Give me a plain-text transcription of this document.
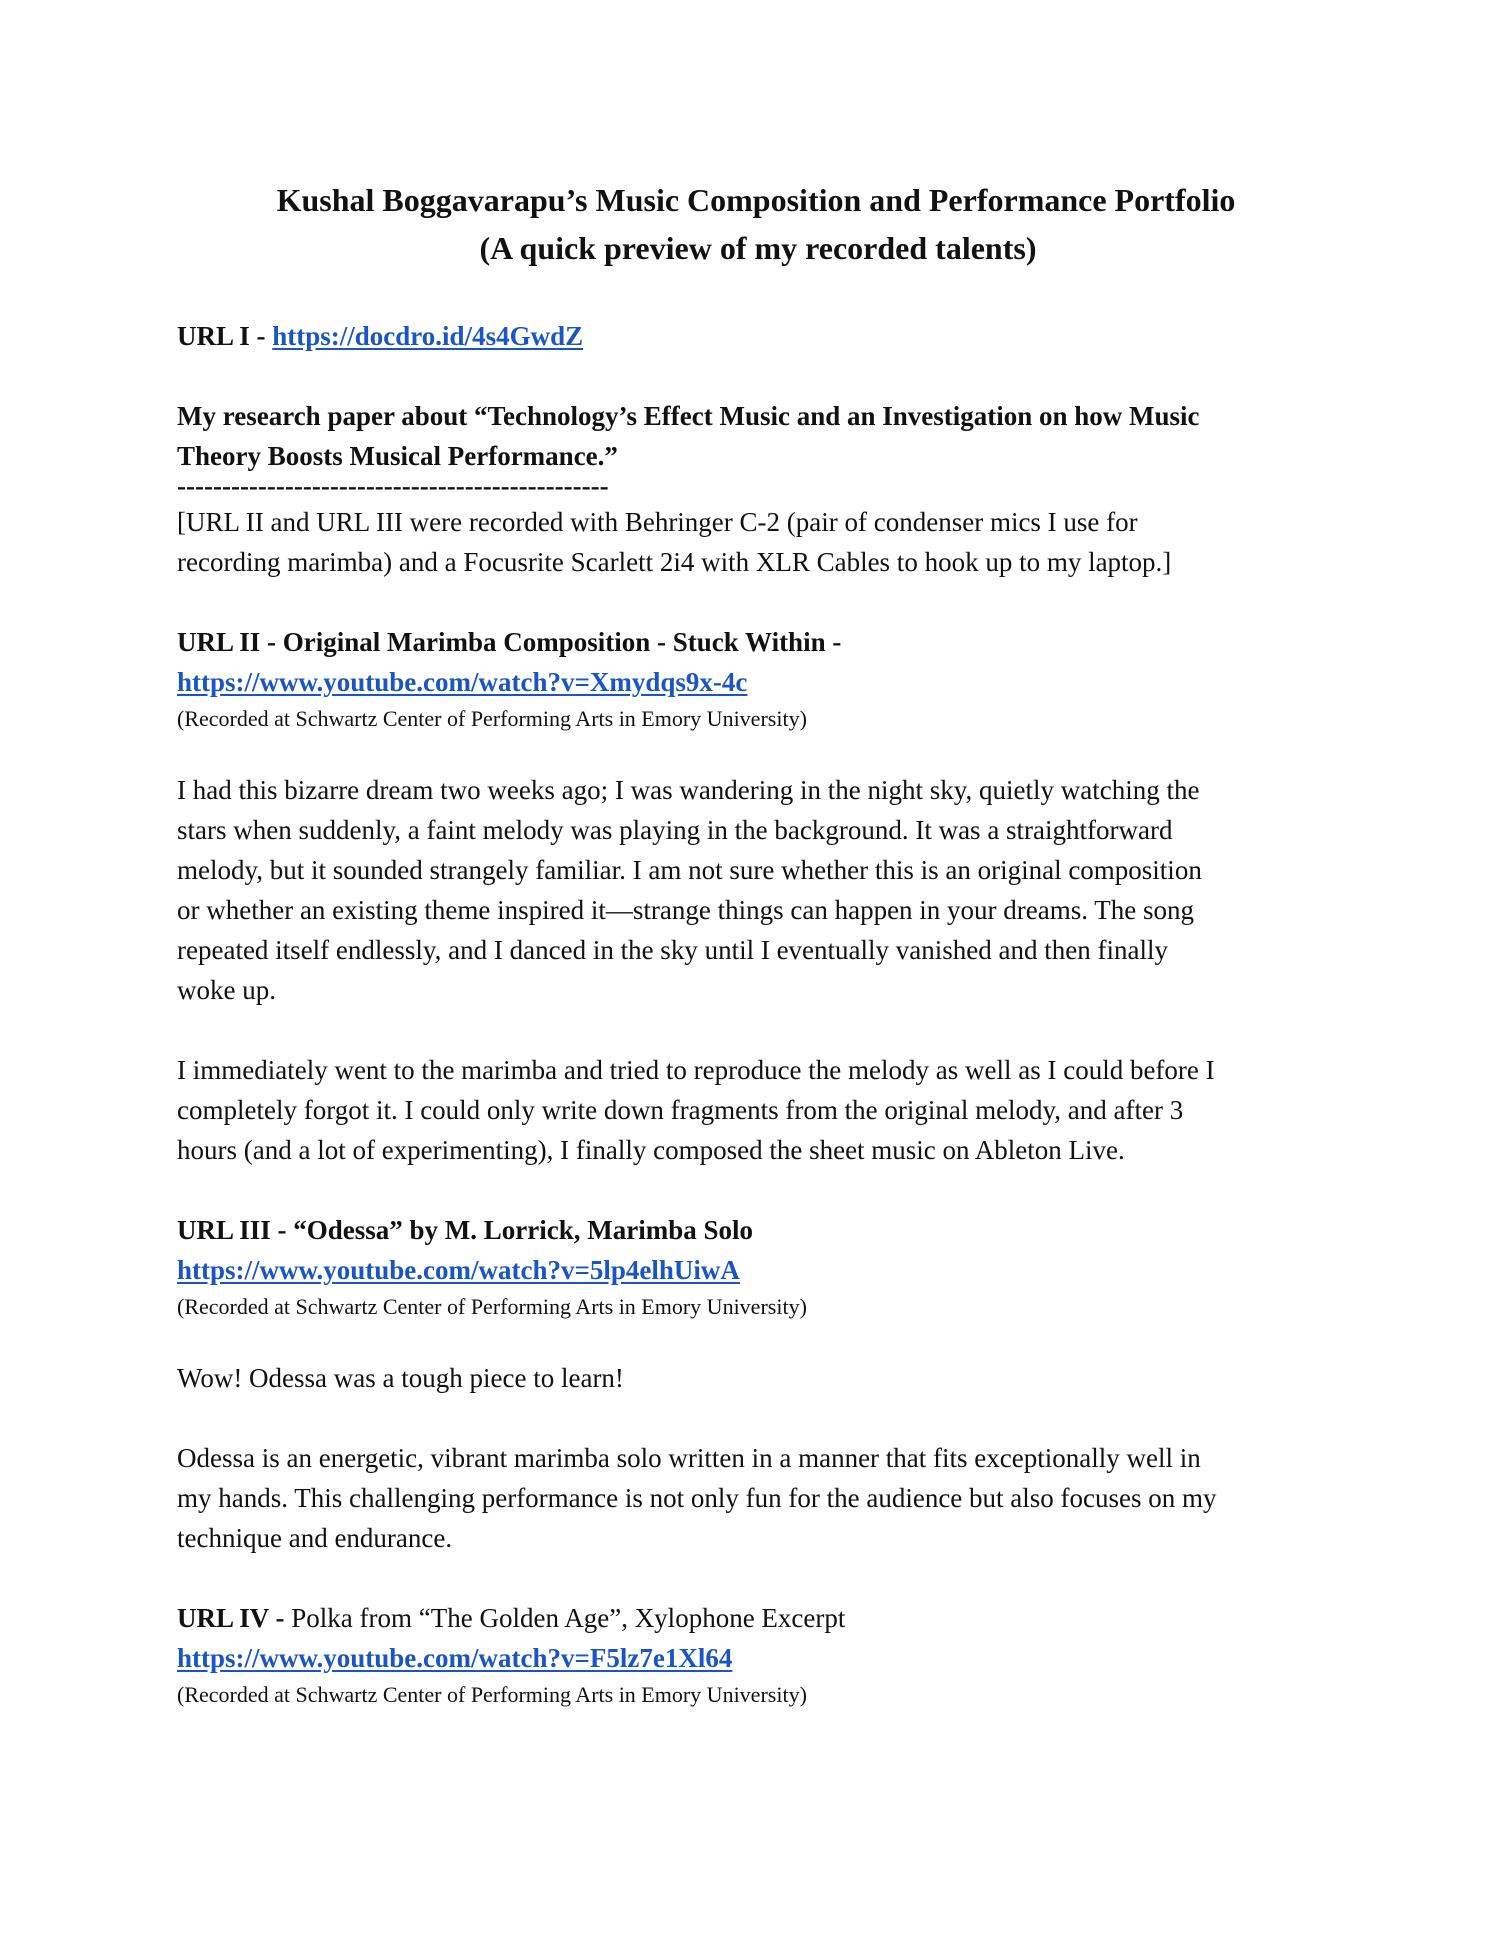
Kushal Boggavarapu’s Music Composition and Performance Portfolio
(A quick preview of my recorded talents)
URL I - https://docdro.id/4s4GwdZ
My research paper about “Technology’s Effect Music and an Investigation on how Music
Theory Boosts Musical Performance.”
------------------------------------------------
[URL II and URL III were recorded with Behringer C-2 (pair of condenser mics I use for
recording marimba) and a Focusrite Scarlett 2i4 with XLR Cables to hook up to my laptop.]
URL II - Original Marimba Composition - Stuck Within -
https://www.youtube.com/watch?v=Xmydqs9x-4c
(Recorded at Schwartz Center of Performing Arts in Emory University)
I had this bizarre dream two weeks ago; I was wandering in the night sky, quietly watching the
stars when suddenly, a faint melody was playing in the background. It was a straightforward
melody, but it sounded strangely familiar. I am not sure whether this is an original composition
or whether an existing theme inspired it—strange things can happen in your dreams. The song
repeated itself endlessly, and I danced in the sky until I eventually vanished and then finally
woke up.
I immediately went to the marimba and tried to reproduce the melody as well as I could before I
completely forgot it. I could only write down fragments from the original melody, and after 3
hours (and a lot of experimenting), I finally composed the sheet music on Ableton Live.
URL III - “Odessa” by M. Lorrick, Marimba Solo
https://www.youtube.com/watch?v=5lp4elhUiwA
(Recorded at Schwartz Center of Performing Arts in Emory University)
Wow! Odessa was a tough piece to learn!
Odessa is an energetic, vibrant marimba solo written in a manner that fits exceptionally well in
my hands. This challenging performance is not only fun for the audience but also focuses on my
technique and endurance.
URL IV - Polka from “The Golden Age”, Xylophone Excerpt
https://www.youtube.com/watch?v=F5lz7e1Xl64
(Recorded at Schwartz Center of Performing Arts in Emory University)
